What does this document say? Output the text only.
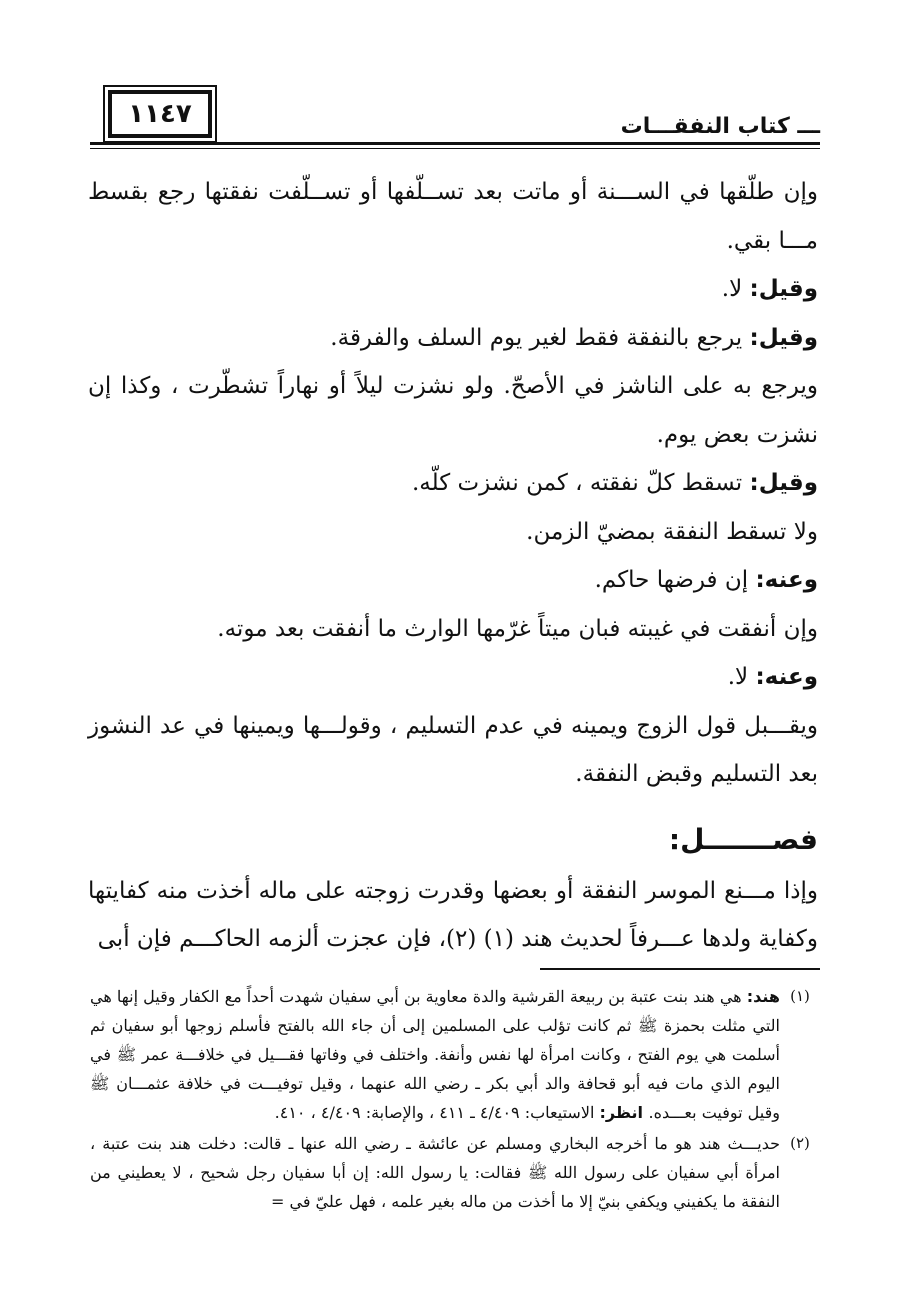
١١٤٧	ـــ كتاب النفقـــات

وإن طلّقها في الســـنة أو ماتت بعد تســلّفها أو تســلّفت نفقتها رجع بقسط مـــا بقي.

وقيل: لا.

وقيل: يرجع بالنفقة فقط لغير يوم السلف والفرقة.

ويرجع به على الناشز في الأصحّ. ولو نشزت ليلاً أو نهاراً تشطّرت ، وكذا إن نشزت بعض يوم.

وقيل: تسقط كلّ نفقته ، كمن نشزت كلّه.

ولا تسقط النفقة بمضيّ الزمن.

وعنه: إن فرضها حاكم.

وإن أنفقت في غيبته فبان ميتاً غرّمها الوارث ما أنفقت بعد موته.

وعنه: لا.

ويقـــبل قول الزوج ويمينه في عدم التسليم ، وقولـــها ويمينها في عد النشوز بعد التسليم وقبض النفقة.

فصـــــــل:

وإذا مـــنع الموسر النفقة أو بعضها وقدرت زوجته على ماله أخذت منه كفايتها وكفاية ولدها عـــرفاً لحديث هند (١) (٢)، فإن عجزت ألزمه الحاكـــم فإن أبى

(١)

هند: هي هند بنت عتبة بن ربيعة القرشية والدة معاوية بن أبي سفيان شهدت أحداً مع الكفار وقيل إنها هي التي مثلت بحمزة ﷺ ثم كانت تؤلب على المسلمين إلى أن جاء الله بالفتح فأسلم زوجها أبو سفيان ثم أسلمت هي يوم الفتح ، وكانت امرأة لها نفس وأنفة. واختلف في وفاتها فقـــيل في خلافـــة عمر ﷺ في اليوم الذي مات فيه أبو قحافة والد أبي بكر ـ رضي الله عنهما ، وقيل توفيـــت في خلافة عثمـــان ﷺ وقيل توفيت بعـــده. انظر: الاستيعاب: ٤/٤٠٩ ـ ٤١١ ، والإصابة: ٤/٤٠٩ ، ٤١٠.

(٢)

حديـــث هند هو ما أخرجه البخاري ومسلم عن عائشة ـ رضي الله عنها ـ قالت: دخلت هند بنت عتبة ، امرأة أبي سفيان على رسول الله ﷺ فقالت: يا رسول الله: إن أبا سفيان رجل شحيح ، لا يعطيني من النفقة ما يكفيني ويكفي بنيّ إلا ما أخذت من ماله بغير علمه ، فهل عليّ في =
